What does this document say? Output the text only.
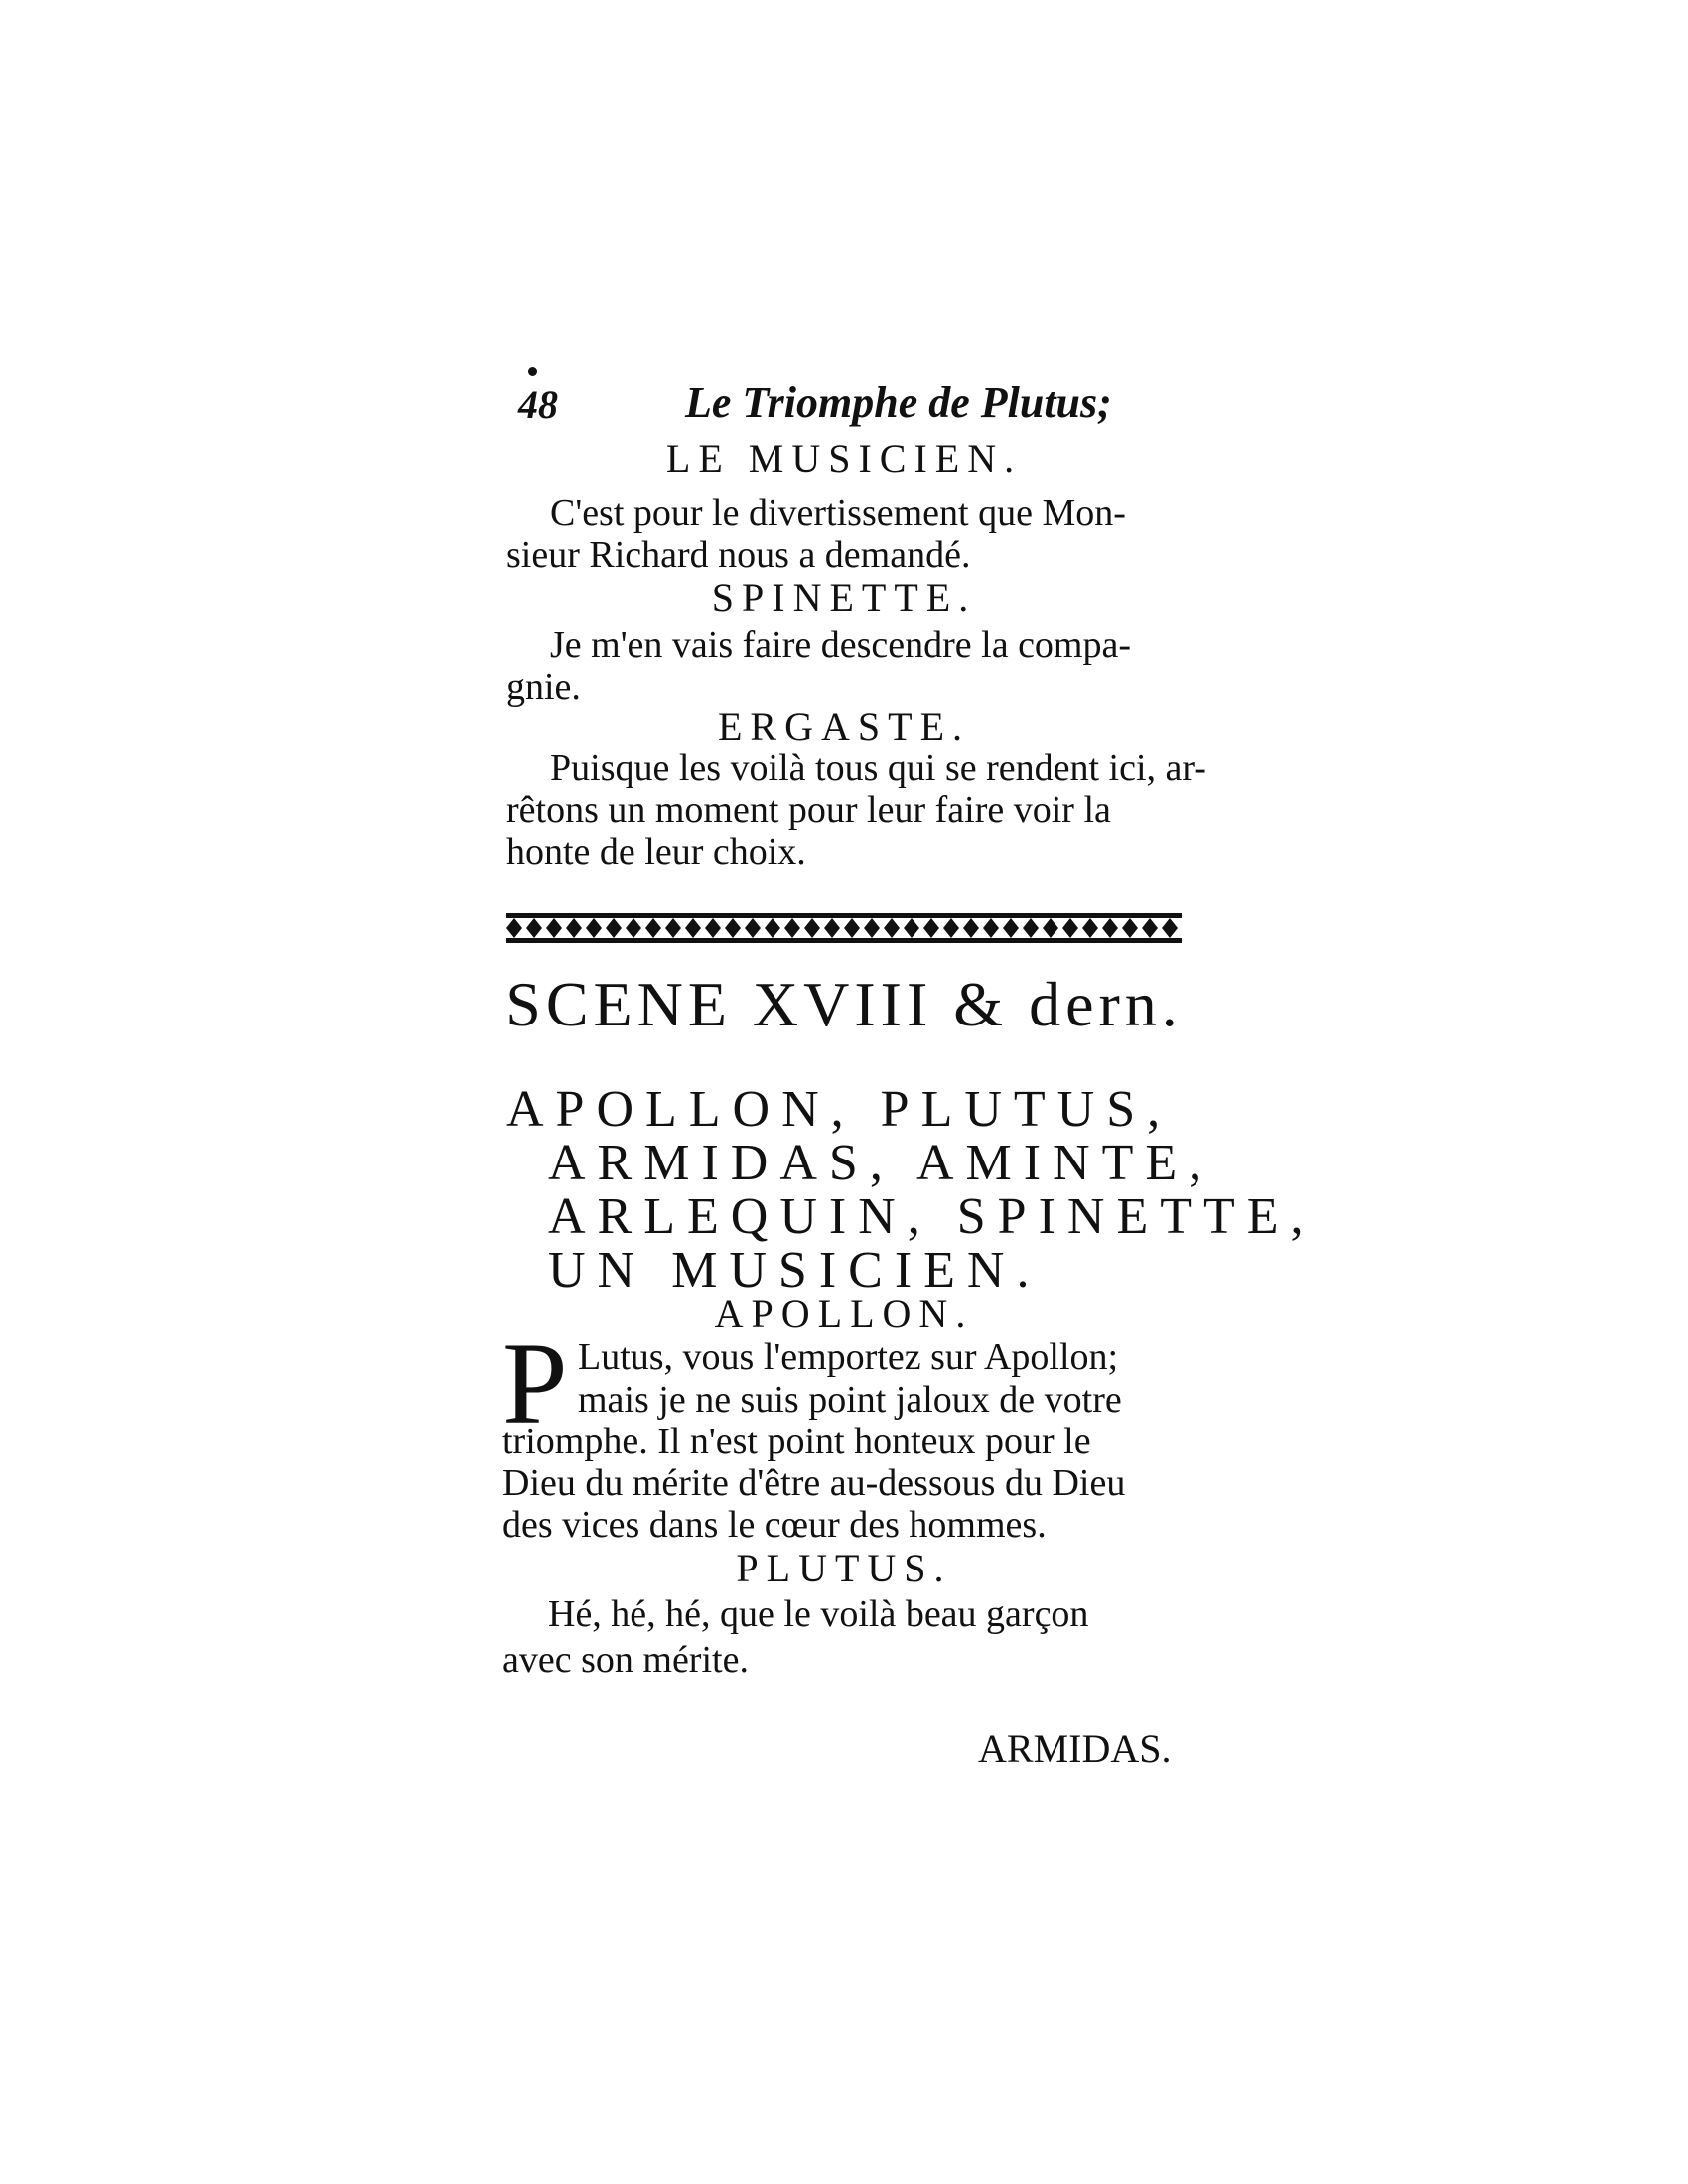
48	Le Triomphe de Plutus;
LE MUSICIEN.
C'est pour le divertissement que Mon-
sieur Richard nous a demandé.
SPINETTE.
Je m'en vais faire descendre la compa-
gnie.
ERGASTE.
Puisque les voilà tous qui se rendent ici, ar-
rêtons un moment pour leur faire voir la
honte de leur choix.
SCENE XVIII & dern.
APOLLON, PLUTUS,
ARMIDAS, AMINTE,
ARLEQUIN, SPINETTE,
UN MUSICIEN.
APOLLON.
P Lutus, vous l'emportez sur Apollon;
mais je ne suis point jaloux de votre
triomphe. Il n'est point honteux pour le
Dieu du mérite d'être au-dessous du Dieu
des vices dans le cœur des hommes.
PLUTUS.
Hé, hé, hé, que le voilà beau garçon
avec son mérite.
ARMIDAS.
